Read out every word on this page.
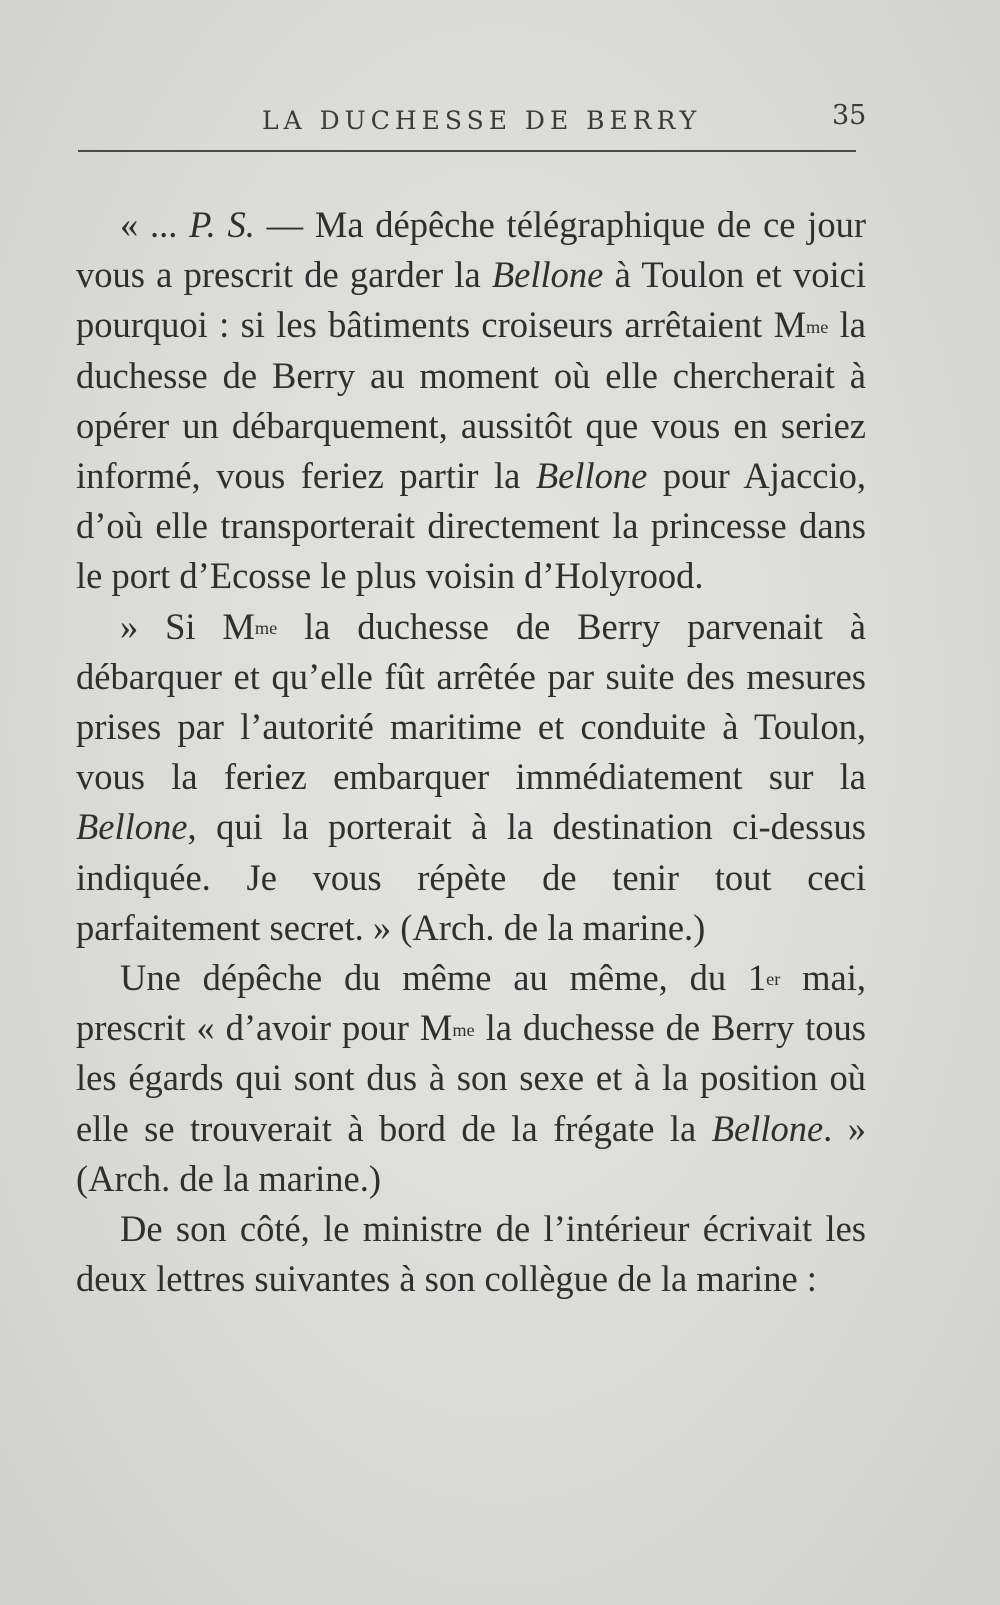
LA DUCHESSE DE BERRY	35

« ... P. S. — Ma dépêche télégraphique de ce jour vous a prescrit de garder la Bellone à Toulon et voici pourquoi : si les bâtiments croiseurs arrêtaient $M^{me}$ la duchesse de Berry au moment où elle chercherait à opérer un débarquement, aussitôt que vous en seriez informé, vous feriez partir la Bellone pour Ajaccio, d’où elle transporterait directement la princesse dans le port d’Ecosse le plus voisin d’Holyrood.

» Si $M^{me}$ la duchesse de Berry parvenait à débarquer et qu’elle fût arrêtée par suite des mesures prises par l’autorité maritime et conduite à Toulon, vous la feriez embarquer immédiatement sur la Bellone, qui la porterait à la destination ci-dessus indiquée. Je vous répète de tenir tout ceci parfaitement secret. » (Arch. de la marine.)

Une dépêche du même au même, du 1er mai, prescrit « d’avoir pour $M^{me}$ la duchesse de Berry tous les égards qui sont dus à son sexe et à la position où elle se trouverait à bord de la frégate la Bellone. » (Arch. de la marine.)

De son côté, le ministre de l’intérieur écrivait les deux lettres suivantes à son collègue de la marine :
